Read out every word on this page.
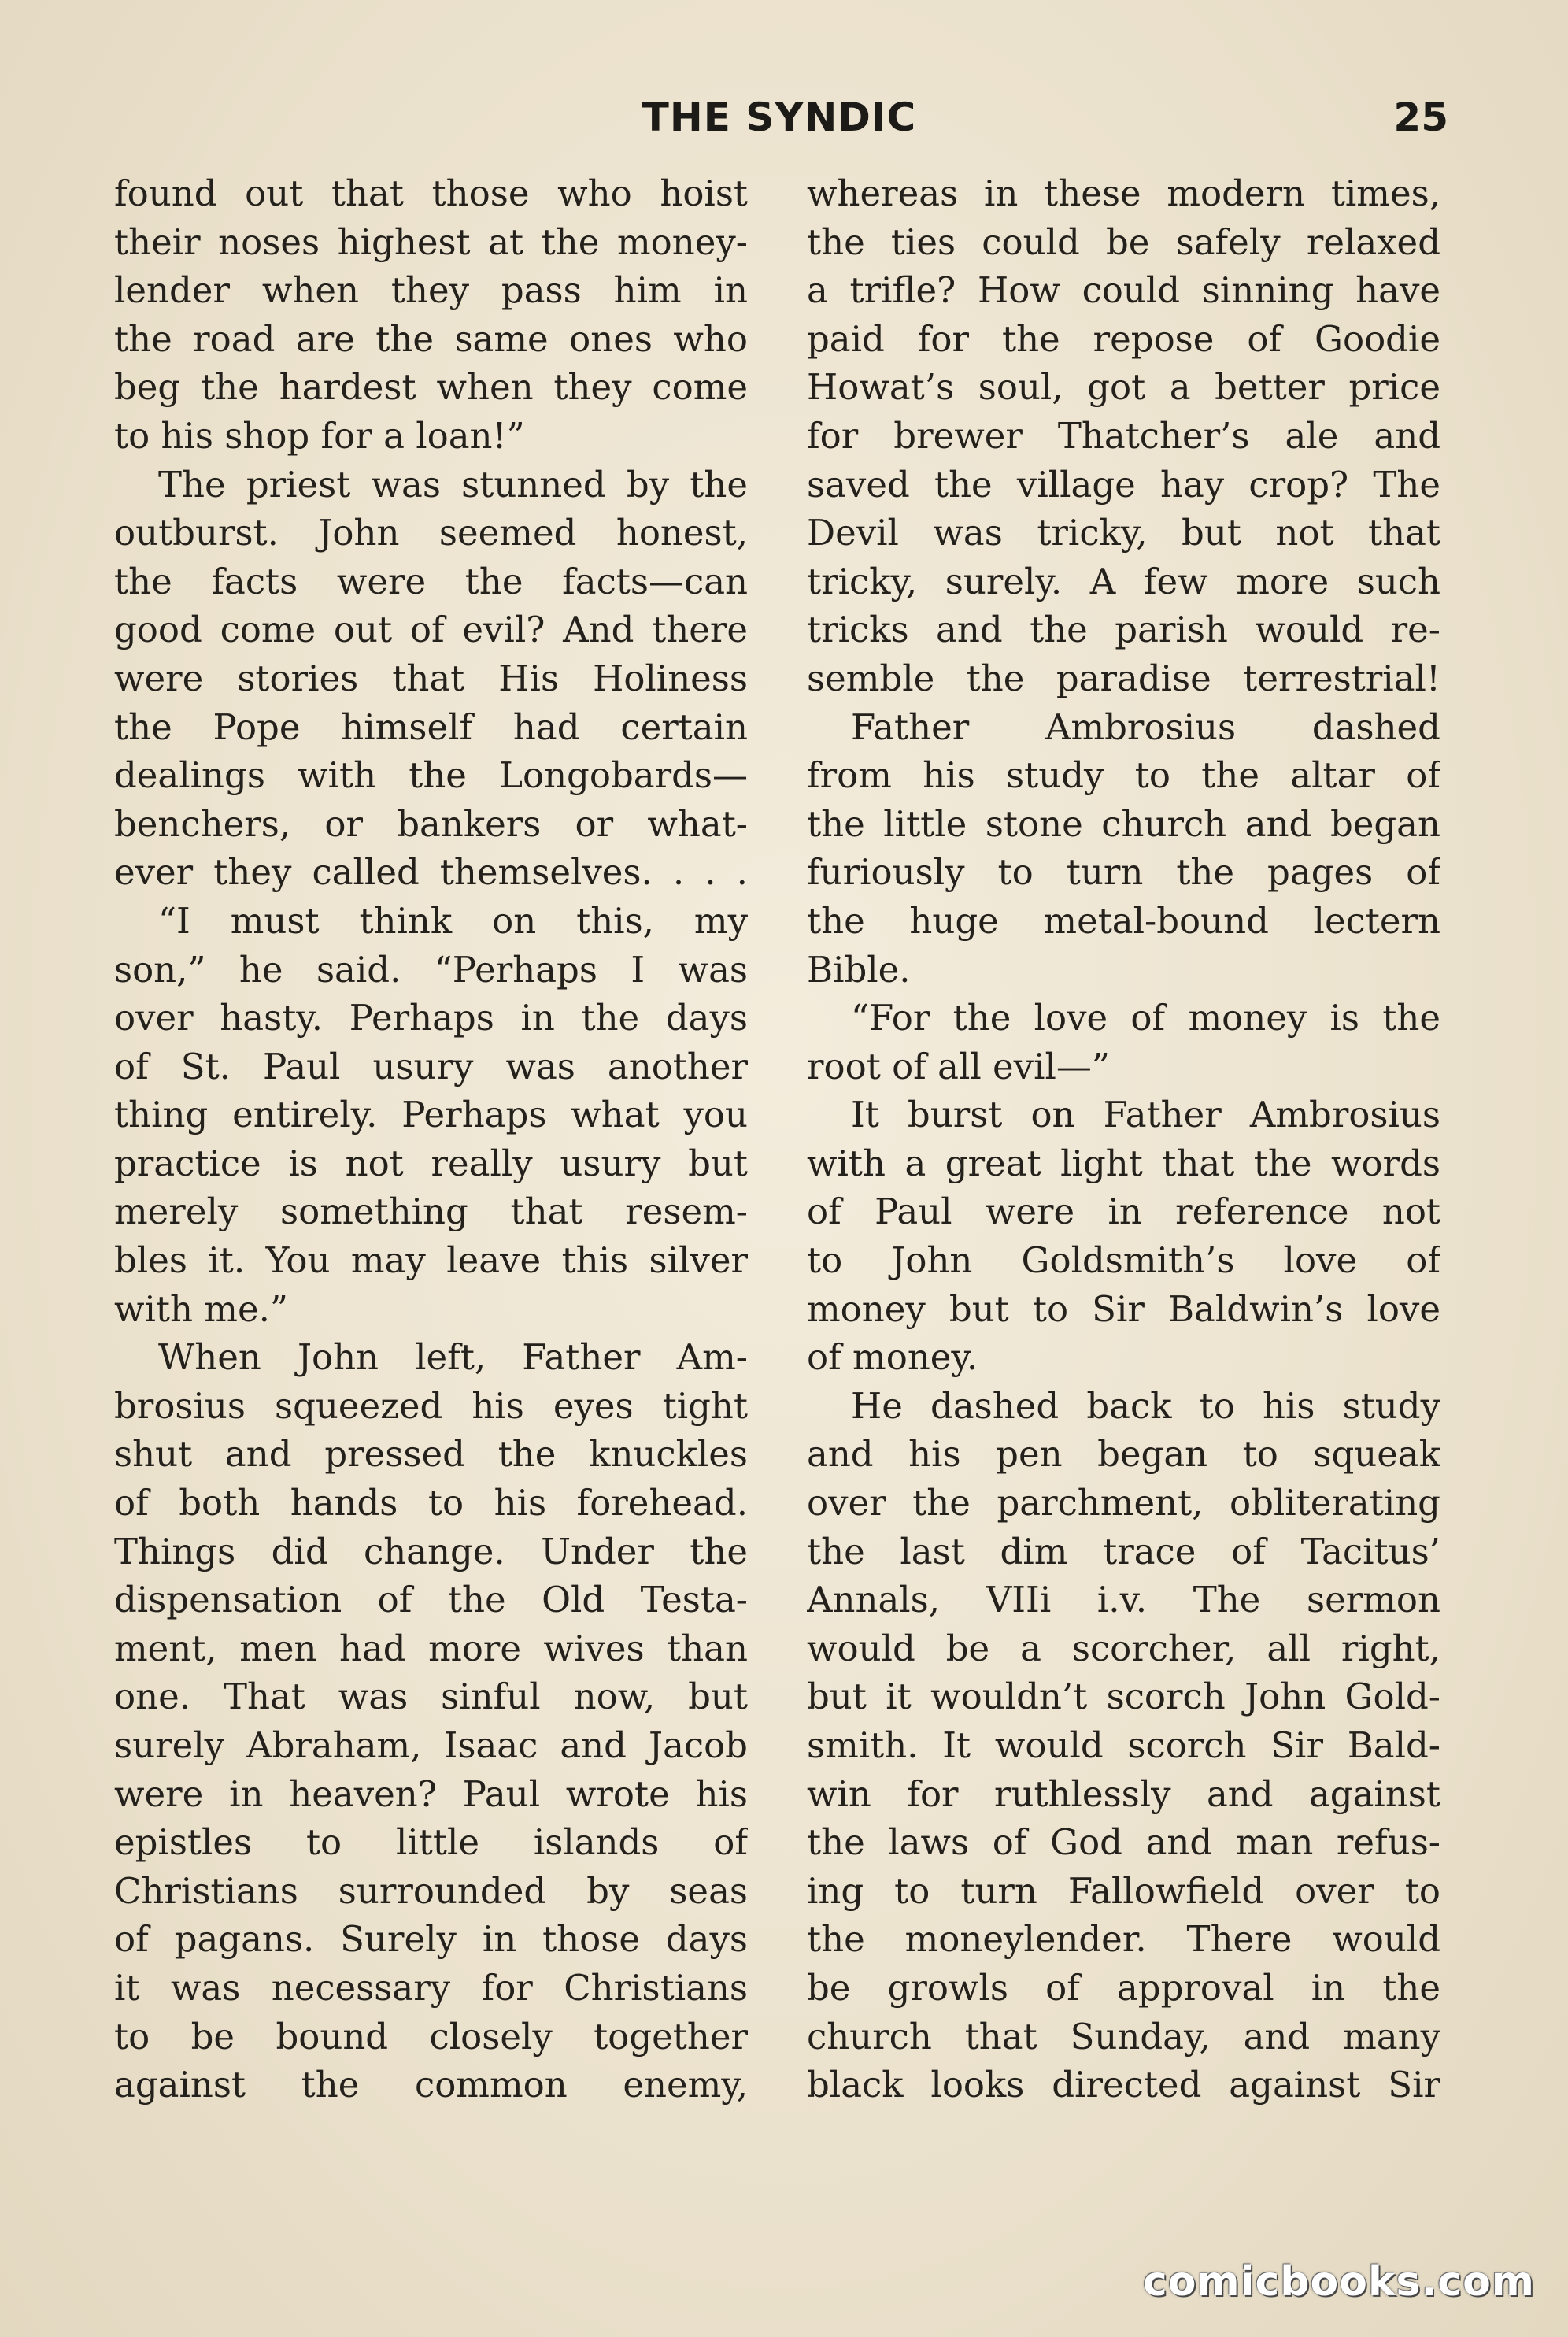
THE SYNDIC	25
found out that those who hoist
their noses highest at the money-
lender when they pass him in
the road are the same ones who
beg the hardest when they come
to his shop for a loan!”
The priest was stunned by the
outburst. John seemed honest,
the facts were the facts—can
good come out of evil? And there
were stories that His Holiness
the Pope himself had certain
dealings with the Longobards—
benchers, or bankers or what-
ever they called themselves. . . .
“I must think on this, my
son,” he said. “Perhaps I was
over hasty. Perhaps in the days
of St. Paul usury was another
thing entirely. Perhaps what you
practice is not really usury but
merely something that resem-
bles it. You may leave this silver
with me.”
When John left, Father Am-
brosius squeezed his eyes tight
shut and pressed the knuckles
of both hands to his forehead.
Things did change. Under the
dispensation of the Old Testa-
ment, men had more wives than
one. That was sinful now, but
surely Abraham, Isaac and Jacob
were in heaven? Paul wrote his
epistles to little islands of
Christians surrounded by seas
of pagans. Surely in those days
it was necessary for Christians
to be bound closely together
against the common enemy,
whereas in these modern times,
the ties could be safely relaxed
a trifle? How could sinning have
paid for the repose of Goodie
Howat’s soul, got a better price
for brewer Thatcher’s ale and
saved the village hay crop? The
Devil was tricky, but not that
tricky, surely. A few more such
tricks and the parish would re-
semble the paradise terrestrial!
Father Ambrosius dashed
from his study to the altar of
the little stone church and began
furiously to turn the pages of
the huge metal-bound lectern
Bible.
“For the love of money is the
root of all evil—”
It burst on Father Ambrosius
with a great light that the words
of Paul were in reference not
to John Goldsmith’s love of
money but to Sir Baldwin’s love
of money.
He dashed back to his study
and his pen began to squeak
over the parchment, obliterating
the last dim trace of Tacitus’
Annals, VIIi i.v. The sermon
would be a scorcher, all right,
but it wouldn’t scorch John Gold-
smith. It would scorch Sir Bald-
win for ruthlessly and against
the laws of God and man refus-
ing to turn Fallowfield over to
the moneylender. There would
be growls of approval in the
church that Sunday, and many
black looks directed against Sir
comicbooks.com
